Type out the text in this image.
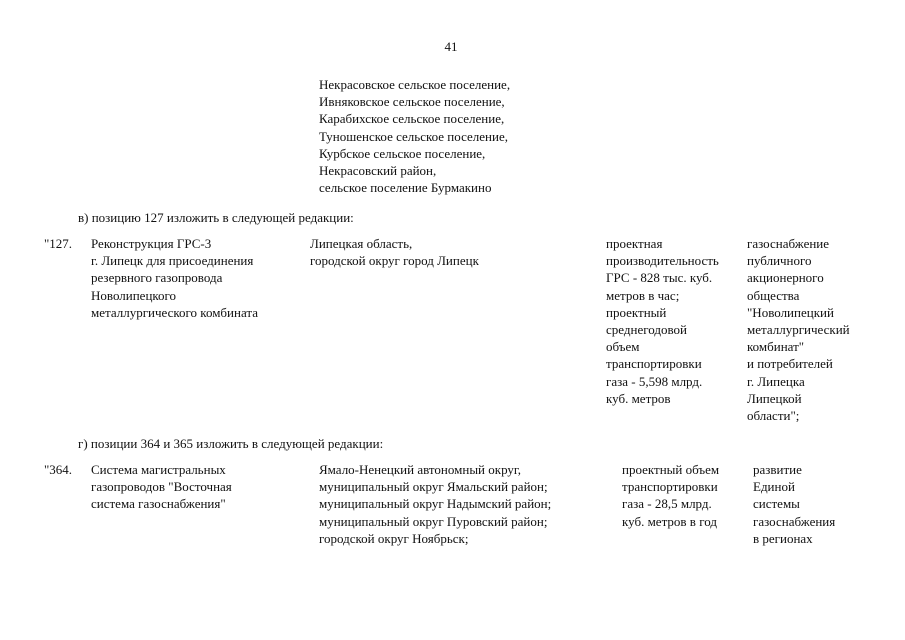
41
Некрасовское сельское поселение,
Ивняковское сельское поселение,
Карабихское сельское поселение,
Туношенское сельское поселение,
Курбское сельское поселение,
Некрасовский район,
сельское поселение Бурмакино
в) позицию 127 изложить в следующей редакции:
"127. Реконструкция ГРС-3
г. Липецк для присоединения
резервного газопровода
Новолипецкого
металлургического комбината
Липецкая область,
городской округ город Липецк
проектная
производительность
ГРС - 828 тыс. куб.
метров в час;
проектный
среднегодовой
объем
транспортировки
газа - 5,598 млрд.
куб. метров
газоснабжение
публичного
акционерного
общества
"Новолипецкий
металлургический
комбинат"
и потребителей
г. Липецка
Липецкой
области";
г) позиции 364 и 365 изложить в следующей редакции:
"364. Система магистральных
газопроводов "Восточная
система газоснабжения"
Ямало-Ненецкий автономный округ,
муниципальный округ Ямальский район;
муниципальный округ Надымский район;
муниципальный округ Пуровский район;
городской округ Ноябрьск;
проектный объем
транспортировки
газа - 28,5 млрд.
куб. метров в год
развитие
Единой
системы
газоснабжения
в регионах
